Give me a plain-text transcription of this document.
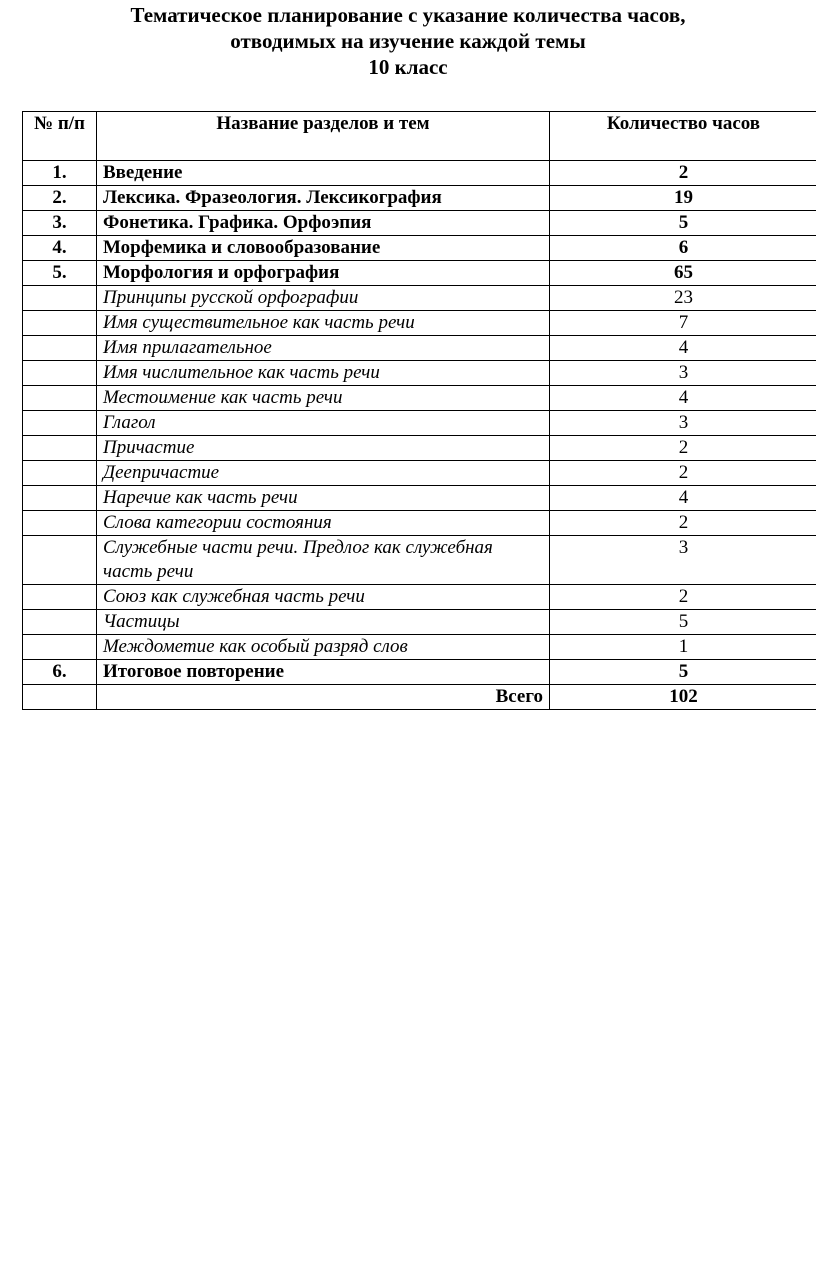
Тематическое планирование с указание количества часов,
отводимых на изучение каждой темы
10 класс
№ п/п	Название разделов и тем	Количество часов
1.	Введение	2
2.	Лексика. Фразеология. Лексикография	19
3.	Фонетика. Графика. Орфоэпия	5
4.	Морфемика и словообразование	6
5.	Морфология и орфография	65
	Принципы русской орфографии	23
	Имя существительное как часть речи	7
	Имя прилагательное	4
	Имя числительное как часть речи	3
	Местоимение как часть речи	4
	Глагол	3
	Причастие	2
	Деепричастие	2
	Наречие как часть речи	4
	Слова категории состояния	2
	Служебные части речи. Предлог как служебная часть речи	3
	Союз как служебная часть речи	2
	Частицы	5
	Междометие как особый разряд слов	1
6.	Итоговое повторение	5
	Всего	102
